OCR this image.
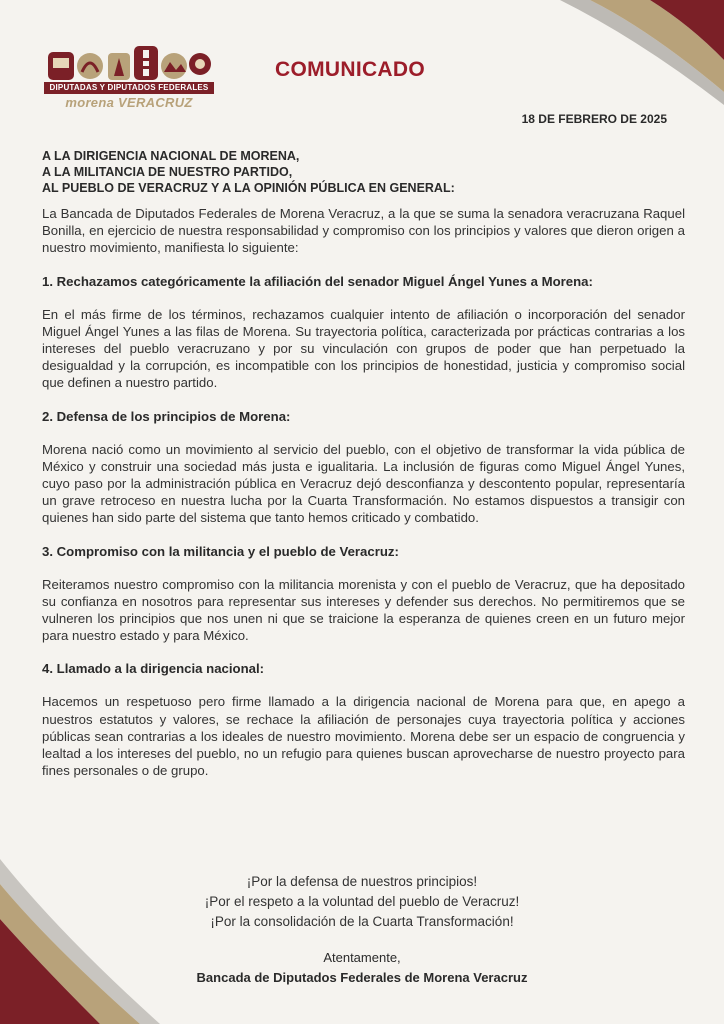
DIPUTADAS Y DIPUTADOS FEDERALES
morena VERACRUZ
COMUNICADO
18 DE FEBRERO DE 2025
A LA DIRIGENCIA NACIONAL DE MORENA,
A LA MILITANCIA DE NUESTRO PARTIDO,
AL PUEBLO DE VERACRUZ Y A LA OPINIÓN PÚBLICA EN GENERAL:

La Bancada de Diputados Federales de Morena Veracruz, a la que se suma la senadora veracruzana Raquel Bonilla, en ejercicio de nuestra responsabilidad y compromiso con los principios y valores que dieron origen a nuestro movimiento, manifiesta lo siguiente:

1. Rechazamos categóricamente la afiliación del senador Miguel Ángel Yunes a Morena:

En el más firme de los términos, rechazamos cualquier intento de afiliación o incorporación del senador Miguel Ángel Yunes a las filas de Morena. Su trayectoria política, caracterizada por prácticas contrarias a los intereses del pueblo veracruzano y por su vinculación con grupos de poder que han perpetuado la desigualdad y la corrupción, es incompatible con los principios de honestidad, justicia y compromiso social que definen a nuestro partido.

2. Defensa de los principios de Morena:

Morena nació como un movimiento al servicio del pueblo, con el objetivo de transformar la vida pública de México y construir una sociedad más justa e igualitaria. La inclusión de figuras como Miguel Ángel Yunes, cuyo paso por la administración pública en Veracruz dejó desconfianza y descontento popular, representaría un grave retroceso en nuestra lucha por la Cuarta Transformación. No estamos dispuestos a transigir con quienes han sido parte del sistema que tanto hemos criticado y combatido.

3. Compromiso con la militancia y el pueblo de Veracruz:

Reiteramos nuestro compromiso con la militancia morenista y con el pueblo de Veracruz, que ha depositado su confianza en nosotros para representar sus intereses y defender sus derechos. No permitiremos que se vulneren los principios que nos unen ni que se traicione la esperanza de quienes creen en un futuro mejor para nuestro estado y para México.

4. Llamado a la dirigencia nacional:

Hacemos un respetuoso pero firme llamado a la dirigencia nacional de Morena para que, en apego a nuestros estatutos y valores, se rechace la afiliación de personajes cuya trayectoria política y acciones públicas sean contrarias a los ideales de nuestro movimiento. Morena debe ser un espacio de congruencia y lealtad a los intereses del pueblo, no un refugio para quienes buscan aprovecharse de nuestro proyecto para fines personales o de grupo.

¡Por la defensa de nuestros principios!
¡Por el respeto a la voluntad del pueblo de Veracruz!
¡Por la consolidación de la Cuarta Transformación!
Atentamente,
Bancada de Diputados Federales de Morena Veracruz
